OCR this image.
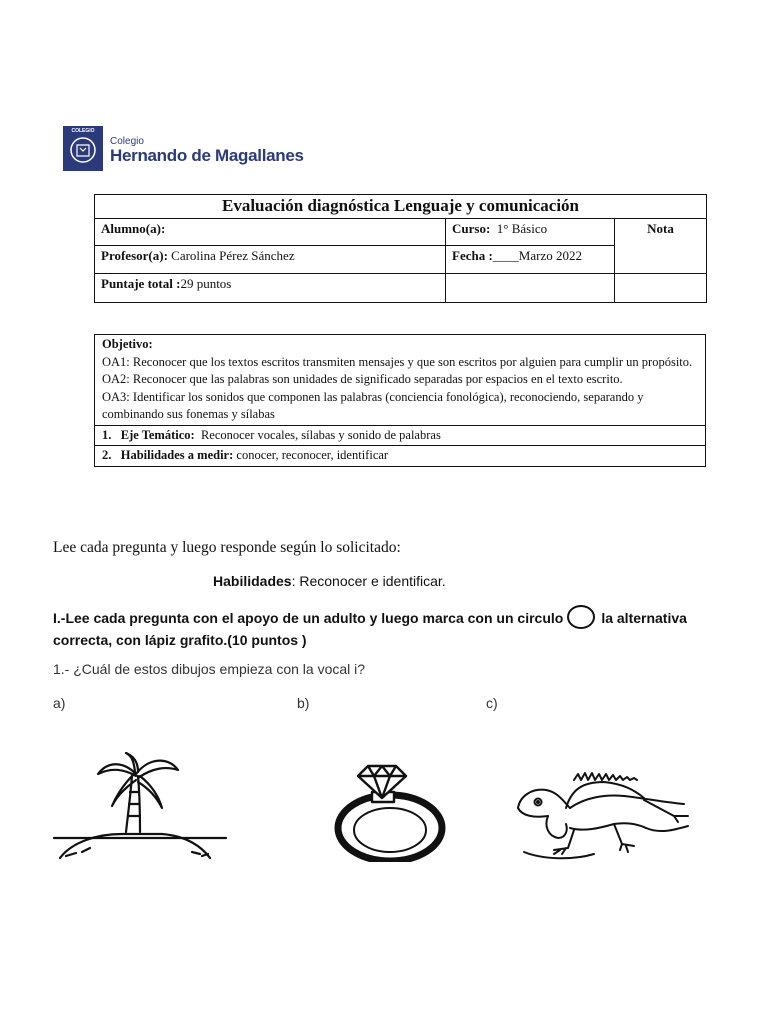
COLEGIO
Colegio
Hernando de Magallanes
Evaluación diagnóstica Lenguaje y comunicación		
Alumno(a):	Curso: 1° Básico	Nota
Profesor(a): Carolina Pérez Sánchez	Fecha :____Marzo 2022	
Puntaje total :29 puntos		
Objetivo:
OA1: Reconocer que los textos escritos transmiten mensajes y que son escritos por alguien para cumplir un propósito.
OA2: Reconocer que las palabras son unidades de significado separadas por espacios en el texto escrito.
OA3: Identificar los sonidos que componen las palabras (conciencia fonológica), reconociendo, separando y combinando sus fonemas y sílabas

1. Eje Temático: Reconocer vocales, sílabas y sonido de palabras
2. Habilidades a medir: conocer, reconocer, identificar
Lee cada pregunta y luego responde según lo solicitado:
Habilidades: Reconocer e identificar.
I.-Lee cada pregunta con el apoyo de un adulto y luego marca con un circulo	la alternativa correcta, con lápiz grafito.(10 puntos )
1.- ¿Cuál de estos dibujos empieza con la vocal i?
a)	b)	c)
